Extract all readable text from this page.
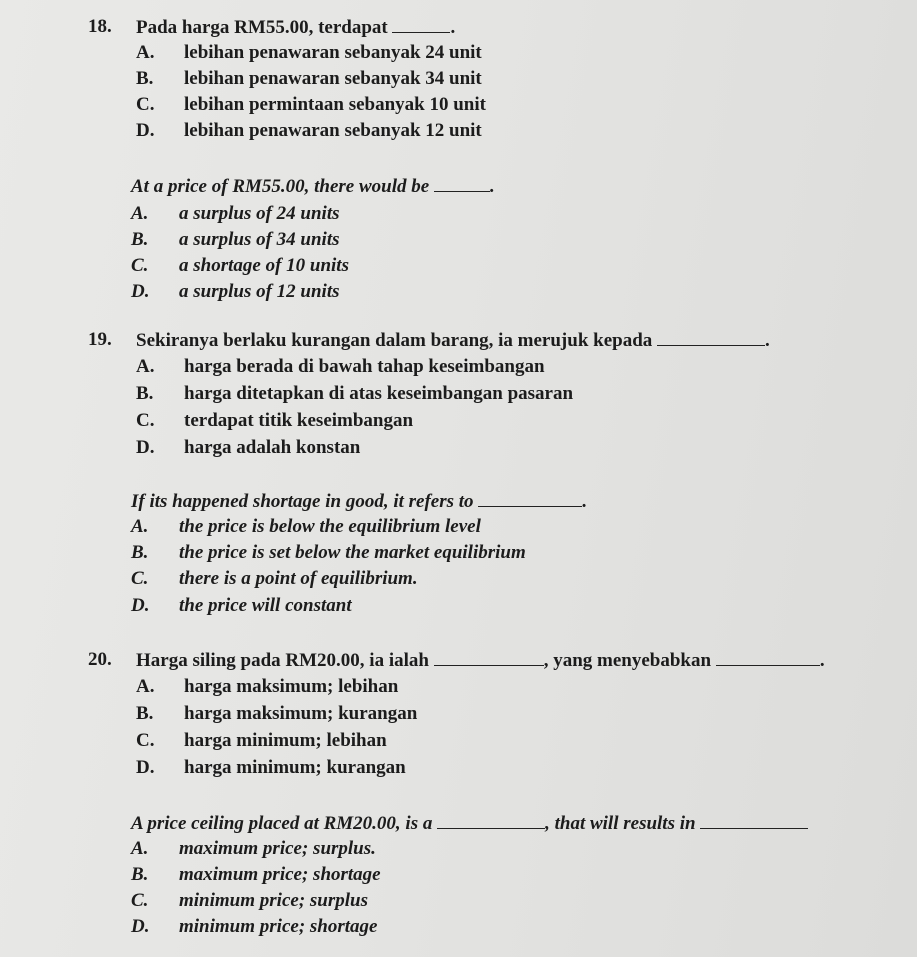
18. Pada harga RM55.00, terdapat	.
A. lebihan penawaran sebanyak 24 unit
B. lebihan penawaran sebanyak 34 unit
C. lebihan permintaan sebanyak 10 unit
D. lebihan penawaran sebanyak 12 unit
At a price of RM55.00, there would be	.
A. a surplus of 24 units
B. a surplus of 34 units
C. a shortage of 10 units
D. a surplus of 12 units
19. Sekiranya berlaku kurangan dalam barang, ia merujuk kepada	.
A. harga berada di bawah tahap keseimbangan
B. harga ditetapkan di atas keseimbangan pasaran
C. terdapat titik keseimbangan
D. harga adalah konstan
If its happened shortage in good, it refers to	.
A. the price is below the equilibrium level
B. the price is set below the market equilibrium
C. there is a point of equilibrium.
D. the price will constant
20. Harga siling pada RM20.00, ia ialah	, yang menyebabkan	.
A. harga maksimum; lebihan
B. harga maksimum; kurangan
C. harga minimum; lebihan
D. harga minimum; kurangan
A price ceiling placed at RM20.00, is a	, that will results in
A. maximum price; surplus.
B. maximum price; shortage
C. minimum price; surplus
D. minimum price; shortage
